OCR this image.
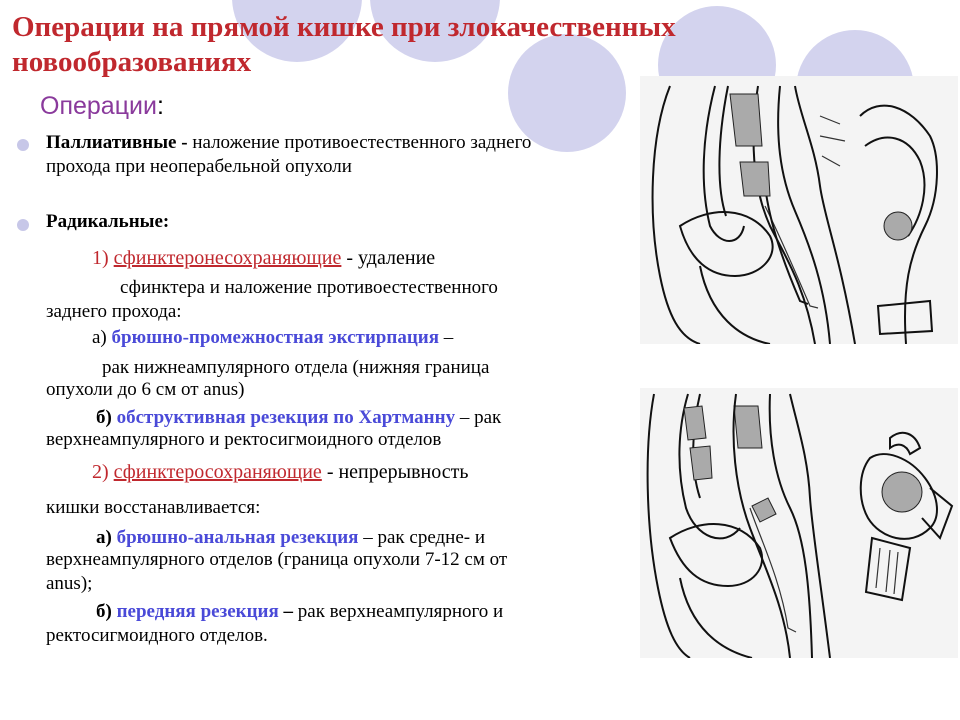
Операции на прямой кишке при злокачественных новообразованиях
Операции:

Паллиативные - наложение противоестественного заднего прохода при неоперабельной опухоли

Радикальные:

1) сфинктеронесохраняющие - удаление

сфинктера и наложение противоестественного

заднего прохода:

а) брюшно-промежностная экстирпация –

рак нижнеампулярного отдела (нижняя граница

опухоли до 6 см от anus)

б) обструктивная резекция по Хартманну – рак

верхнеампулярного и ректосигмоидного отделов

2) сфинктеросохраняющие - непрерывность

кишки восстанавливается:

а) брюшно-анальная резекция – рак средне- и

верхнеампулярного отделов (граница опухоли 7-12 см от

anus);

б) передняя резекция – рак верхнеампулярного и

ректосигмоидного отделов.
